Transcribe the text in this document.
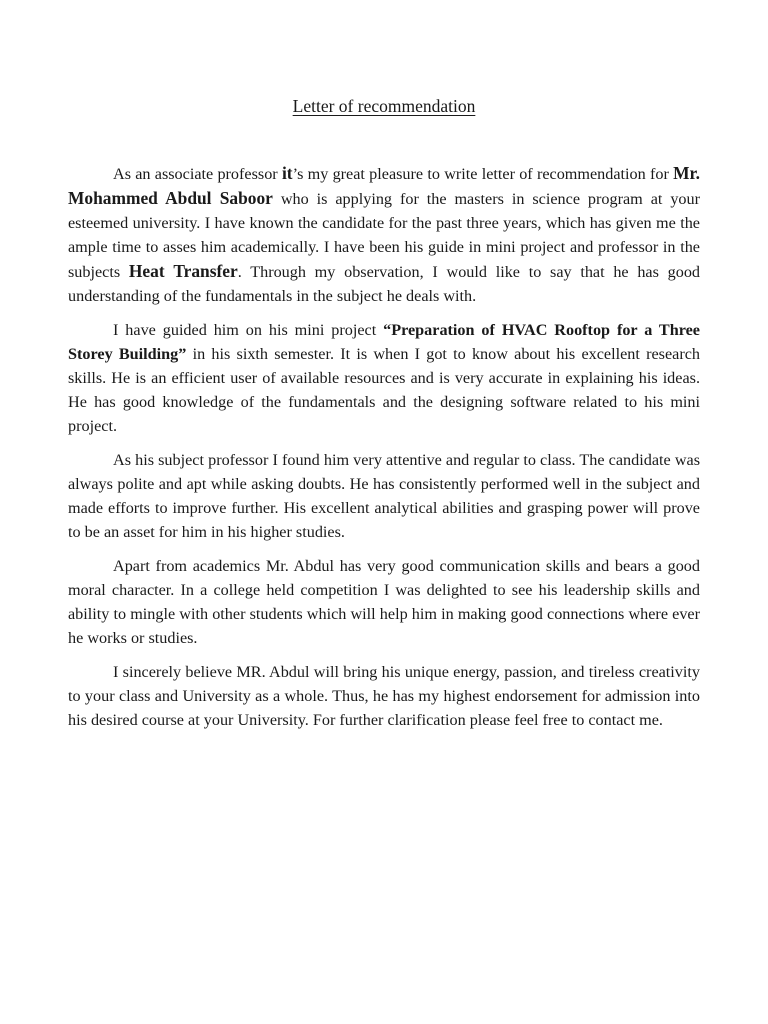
Letter of recommendation

As an associate professor it’s my great pleasure to write letter of recommendation for Mr. Mohammed Abdul Saboor who is applying for the masters in science program at your esteemed university. I have known the candidate for the past three years, which has given me the ample time to asses him academically. I have been his guide in mini project and professor in the subjects Heat Transfer. Through my observation, I would like to say that he has good understanding of the fundamentals in the subject he deals with.

I have guided him on his mini project “Preparation of HVAC Rooftop for a Three Storey Building” in his sixth semester. It is when I got to know about his excellent research skills. He is an efficient user of available resources and is very accurate in explaining his ideas. He has good knowledge of the fundamentals and the designing software related to his mini project.

As his subject professor I found him very attentive and regular to class. The candidate was always polite and apt while asking doubts. He has consistently performed well in the subject and made efforts to improve further. His excellent analytical abilities and grasping power will prove to be an asset for him in his higher studies.

Apart from academics Mr. Abdul has very good communication skills and bears a good moral character. In a college held competition I was delighted to see his leadership skills and ability to mingle with other students which will help him in making good connections where ever he works or studies.

I sincerely believe MR. Abdul will bring his unique energy, passion, and tireless creativity to your class and University as a whole. Thus, he has my highest endorsement for admission into his desired course at your University. For further clarification please feel free to contact me.
